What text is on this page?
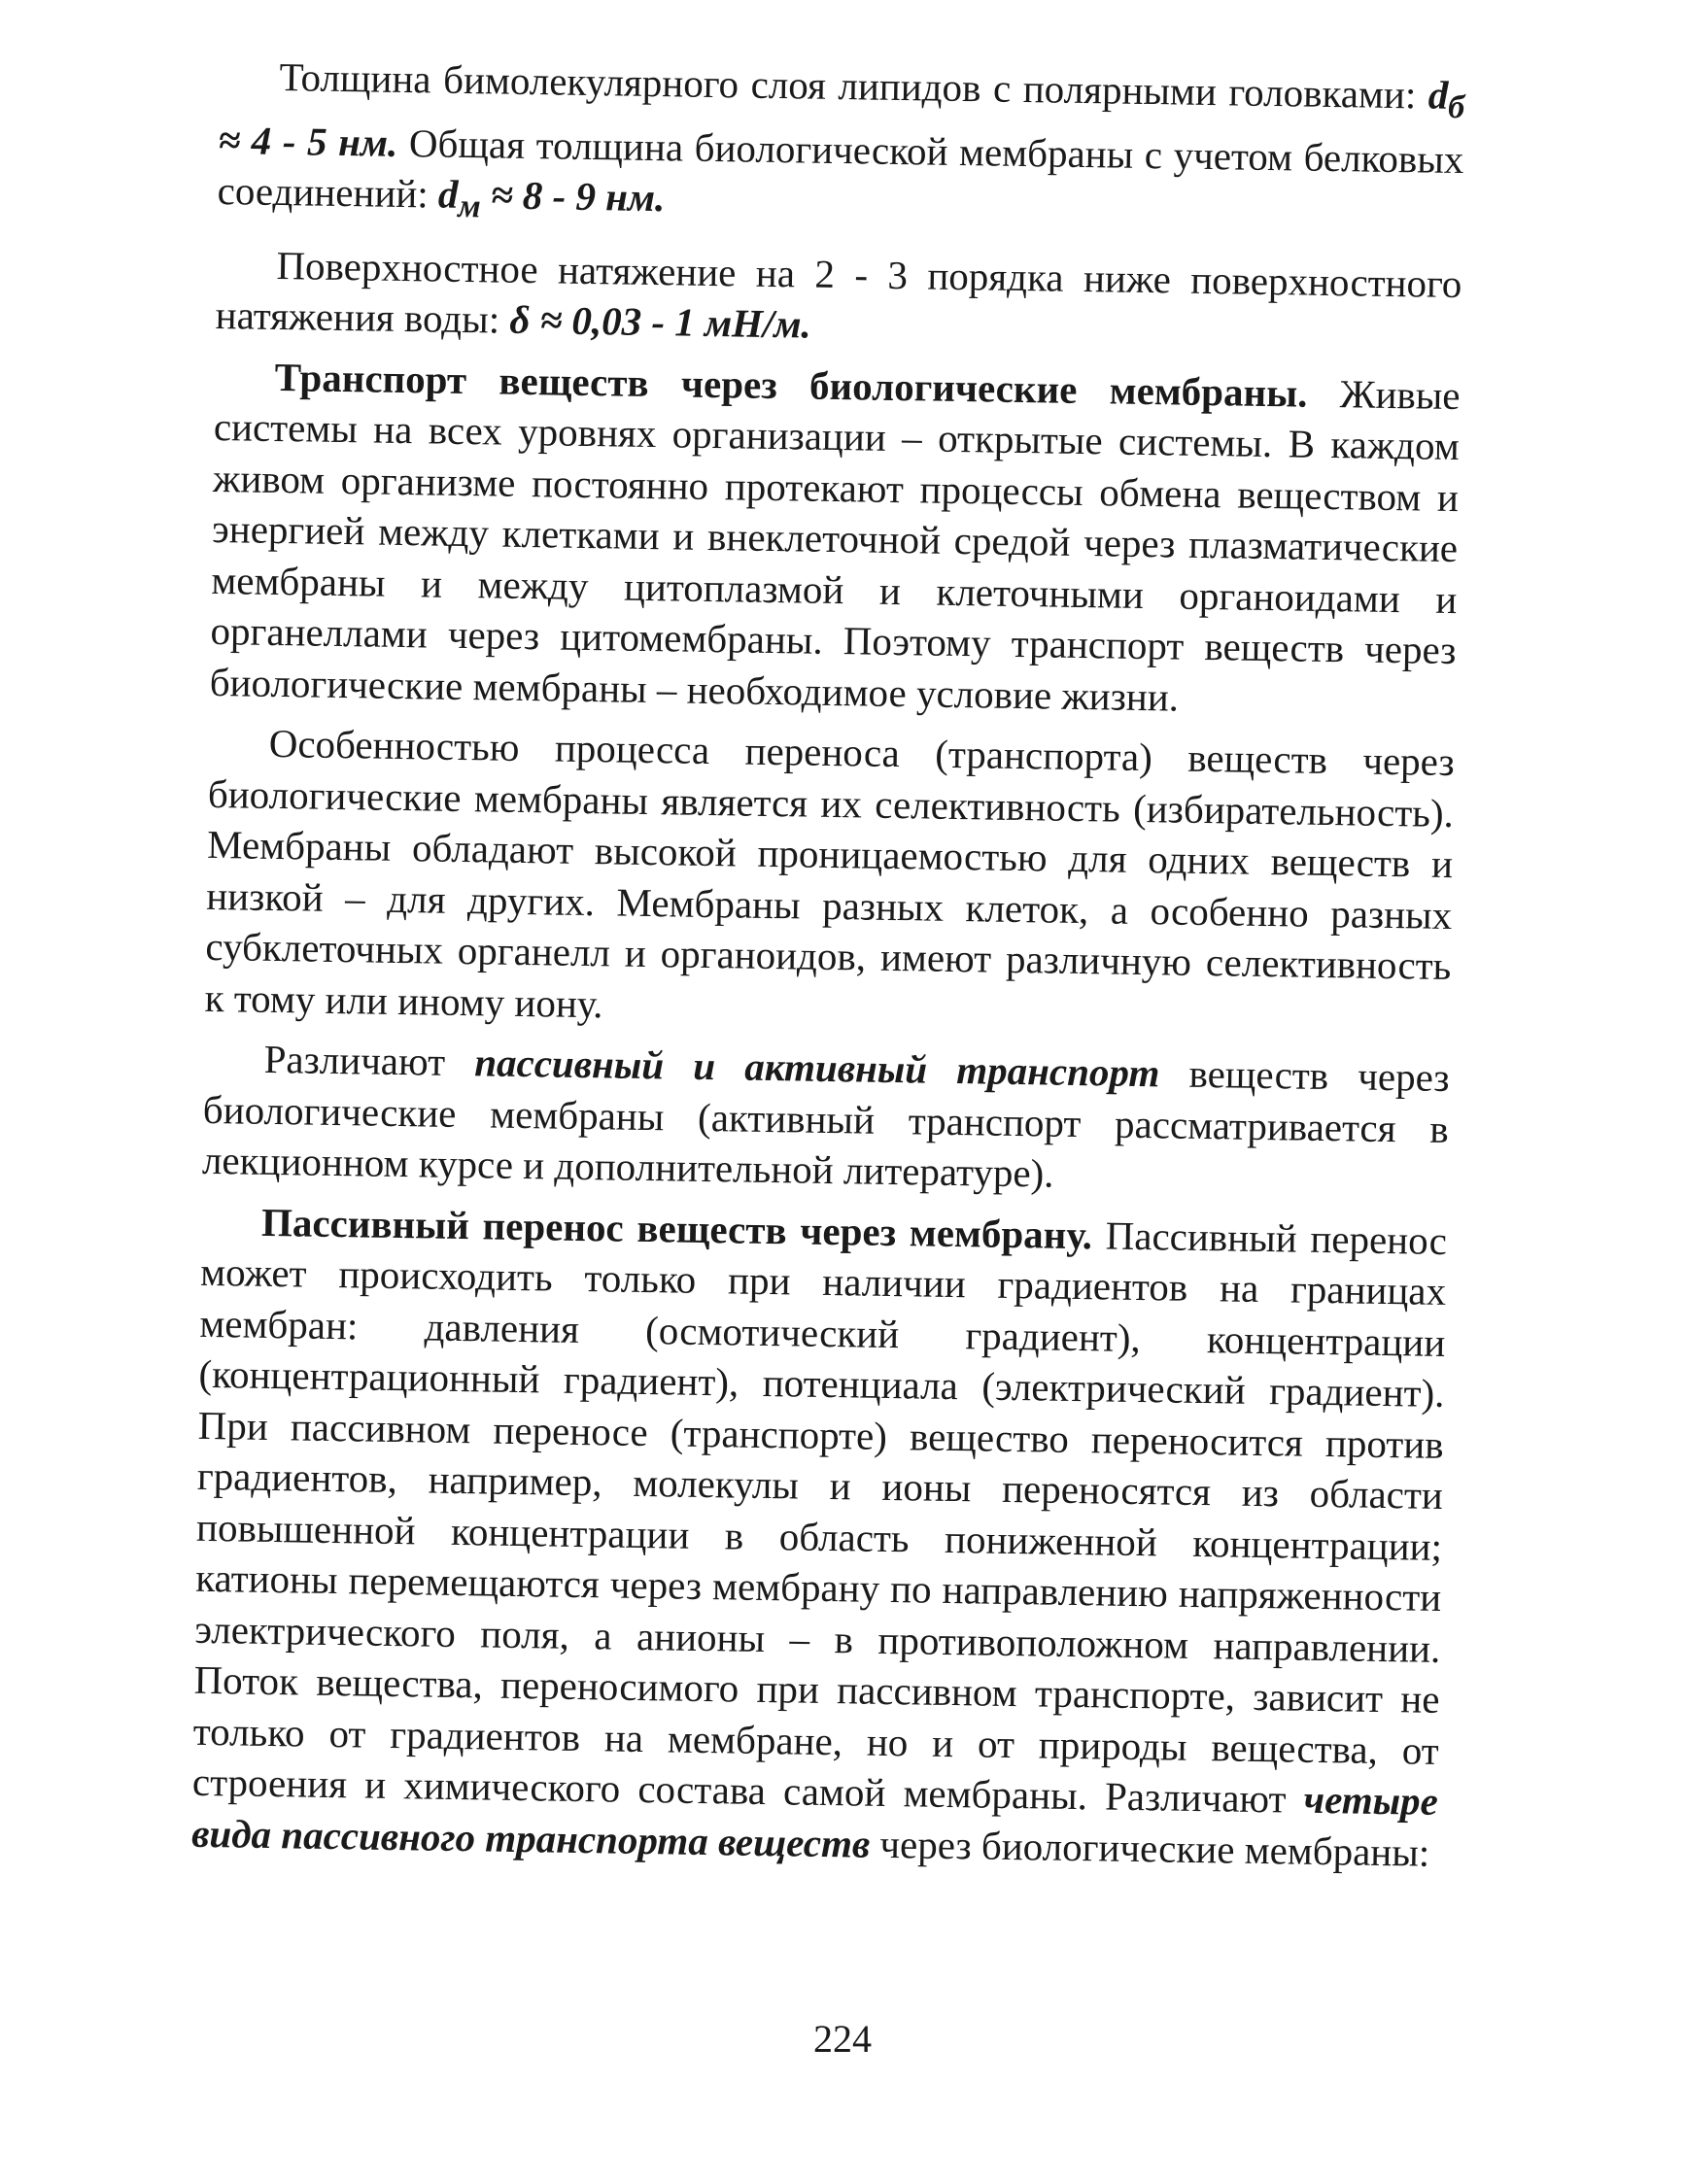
Толщина бимолекулярного слоя липидов с полярными головками: $d_б \approx 4 - 5$ нм. Общая толщина биологической мембраны с учетом белковых соединений: $d_м \approx 8 - 9$ нм.

Поверхностное натяжение на 2 - 3 порядка ниже поверхностного натяжения воды: δ ≈ 0,03 - 1 мН/м.

Транспорт веществ через биологические мембраны. Живые системы на всех уровнях организации – открытые системы. В каждом живом организме постоянно протекают процессы обмена веществом и энергией между клетками и внеклеточной средой через плазматические мембраны и между цитоплазмой и клеточными органоидами и органеллами через цитомембраны. Поэтому транспорт веществ через биологические мембраны – необходимое условие жизни.

Особенностью процесса переноса (транспорта) веществ через биологические мембраны является их селективность (избирательность). Мембраны обладают высокой проницаемостью для одних веществ и низкой – для других. Мембраны разных клеток, а особенно разных субклеточных органелл и органоидов, имеют различную селективность к тому или иному иону.

Различают пассивный и активный транспорт веществ через биологические мембраны (активный транспорт рассматривается в лекционном курсе и дополнительной литературе).

Пассивный перенос веществ через мембрану. Пассивный перенос может происходить только при наличии градиентов на границах мембран: давления (осмотический градиент), концентрации (концентрационный градиент), потенциала (электрический градиент). При пассивном переносе (транспорте) вещество переносится против градиентов, например, молекулы и ионы переносятся из области повышенной концентрации в область пониженной концентрации; катионы перемещаются через мембрану по направлению напряженности электрического поля, а анионы – в противоположном направлении. Поток вещества, переносимого при пассивном транспорте, зависит не только от градиентов на мембране, но и от природы вещества, от строения и химического состава самой мембраны. Различают четыре вида пассивного транспорта веществ через биологические мембраны:

224
